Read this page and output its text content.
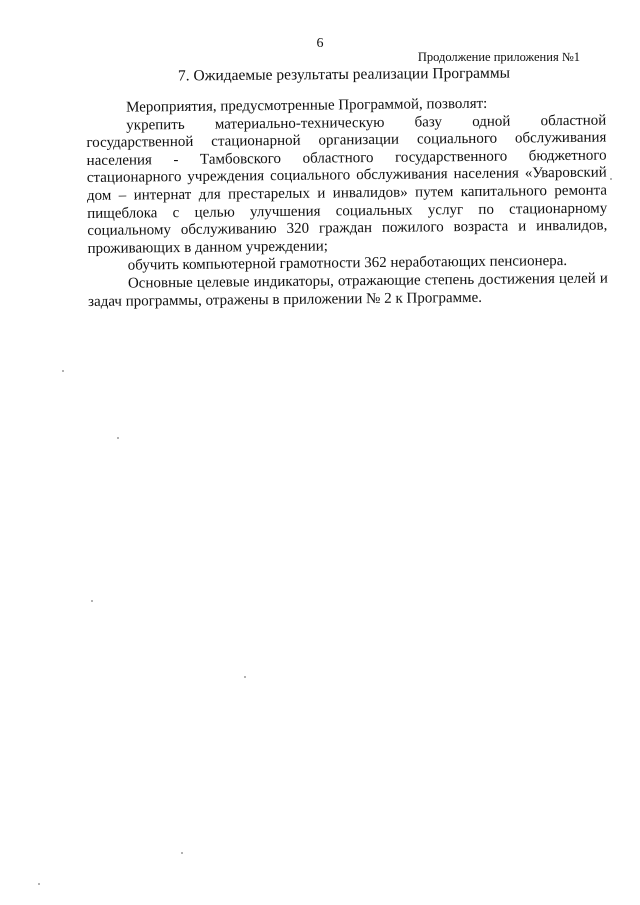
6
Продолжение приложения №1
7. Ожидаемые результаты реализации Программы

Мероприятия, предусмотренные Программой, позволят:

укрепить материально-техническую базу одной областной государственной стационарной организации социального обслуживания населения - Тамбовского областного государственного бюджетного стационарного учреждения социального обслуживания населения «Уваровский дом – интернат для престарелых и инвалидов» путем капитального ремонта пищеблока с целью улучшения социальных услуг по стационарному социальному обслуживанию 320 граждан пожилого возраста и инвалидов, проживающих в данном учреждении;

обучить компьютерной грамотности 362 неработающих пенсионера.

Основные целевые индикаторы, отражающие степень достижения целей и задач программы, отражены в приложении № 2 к Программе.
